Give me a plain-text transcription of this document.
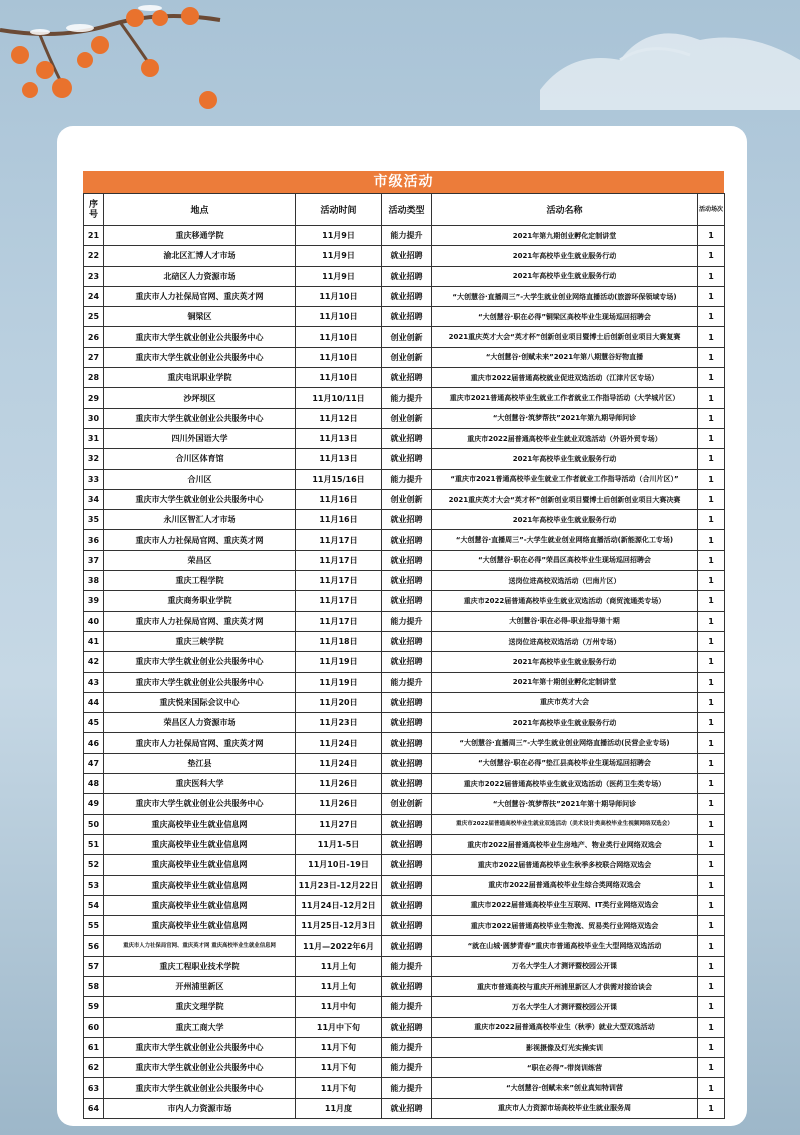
市级活动
序号	地点	活动时间	活动类型	活动名称	活动场次
21	重庆移通学院	11月9日	能力提升	2021年第九期创业孵化定制讲堂	1
22	渝北区汇博人才市场	11月9日	就业招聘	2021年高校毕业生就业服务行动	1
23	北碚区人力资源市场	11月9日	就业招聘	2021年高校毕业生就业服务行动	1
24	重庆市人力社保局官网、重庆英才网	11月10日	就业招聘	“大创慧谷·直播周三”-大学生就业创业网络直播活动(旅游环保领域专场)	1
25	铜梁区	11月10日	就业招聘	“大创慧谷·职在必得”铜梁区高校毕业生现场巡回招聘会	1
26	重庆市大学生就业创业公共服务中心	11月10日	创业创新	2021重庆英才大会“英才杯”创新创业项目暨博士后创新创业项目大赛复赛	1
27	重庆市大学生就业创业公共服务中心	11月10日	创业创新	“大创慧谷·创赋未来”2021年第八期慧谷好物直播	1
28	重庆电讯职业学院	11月10日	就业招聘	重庆市2022届普通高校就业促进双选活动（江津片区专场）	1
29	沙坪坝区	11月10/11日	能力提升	重庆市2021普通高校毕业生就业工作者就业工作指导活动（大学城片区）	1
30	重庆市大学生就业创业公共服务中心	11月12日	创业创新	“大创慧谷·筑梦帮扶”2021年第九期导师问诊	1
31	四川外国语大学	11月13日	就业招聘	重庆市2022届普通高校毕业生就业双选活动（外语外贸专场）	1
32	合川区体育馆	11月13日	就业招聘	2021年高校毕业生就业服务行动	1
33	合川区	11月15/16日	能力提升	“重庆市2021普通高校毕业生就业工作者就业工作指导活动（合川片区）”	1
34	重庆市大学生就业创业公共服务中心	11月16日	创业创新	2021重庆英才大会“英才杯”创新创业项目暨博士后创新创业项目大赛决赛	1
35	永川区智汇人才市场	11月16日	就业招聘	2021年高校毕业生就业服务行动	1
36	重庆市人力社保局官网、重庆英才网	11月17日	就业招聘	“大创慧谷·直播周三”-大学生就业创业网络直播活动(新能源化工专场)	1
37	荣昌区	11月17日	就业招聘	“大创慧谷·职在必得”荣昌区高校毕业生现场巡回招聘会	1
38	重庆工程学院	11月17日	就业招聘	送岗位进高校双选活动（巴南片区）	1
39	重庆商务职业学院	11月17日	就业招聘	重庆市2022届普通高校毕业生就业双选活动（商贸流通类专场）	1
40	重庆市人力社保局官网、重庆英才网	11月17日	能力提升	大创慧谷·职在必得-职业指导第十期	1
41	重庆三峡学院	11月18日	就业招聘	送岗位进高校双选活动（万州专场）	1
42	重庆市大学生就业创业公共服务中心	11月19日	就业招聘	2021年高校毕业生就业服务行动	1
43	重庆市大学生就业创业公共服务中心	11月19日	能力提升	2021年第十期创业孵化定制讲堂	1
44	重庆悦来国际会议中心	11月20日	就业招聘	重庆市英才大会	1
45	荣昌区人力资源市场	11月23日	就业招聘	2021年高校毕业生就业服务行动	1
46	重庆市人力社保局官网、重庆英才网	11月24日	就业招聘	“大创慧谷·直播周三”-大学生就业创业网络直播活动(民营企业专场)	1
47	垫江县	11月24日	就业招聘	“大创慧谷·职在必得”垫江县高校毕业生现场巡回招聘会	1
48	重庆医科大学	11月26日	就业招聘	重庆市2022届普通高校毕业生就业双选活动（医药卫生类专场）	1
49	重庆市大学生就业创业公共服务中心	11月26日	创业创新	“大创慧谷·筑梦帮扶”2021年第十期导师问诊	1
50	重庆高校毕业生就业信息网	11月27日	就业招聘	重庆市2022届普通高校毕业生就业双选活动（美术设计类高校毕业生视频网络双选会）	1
51	重庆高校毕业生就业信息网	11月1-5日	就业招聘	重庆市2022届普通高校毕业生房地产、物业类行业网络双选会	1
52	重庆高校毕业生就业信息网	11月10日-19日	就业招聘	重庆市2022届普通高校毕业生秋季多校联合网络双选会	1
53	重庆高校毕业生就业信息网	11月23日-12月22日	就业招聘	重庆市2022届普通高校毕业生综合类网络双选会	1
54	重庆高校毕业生就业信息网	11月24日-12月2日	就业招聘	重庆市2022届普通高校毕业生互联网、IT类行业网络双选会	1
55	重庆高校毕业生就业信息网	11月25日-12月3日	就业招聘	重庆市2022届普通高校毕业生物流、贸易类行业网络双选会	1
56	重庆市人力社保局官网、重庆英才网 重庆高校毕业生就业信息网	11月—2022年6月	就业招聘	“就在山城·圆梦青春”重庆市普通高校毕业生大型网络双选活动	1
57	重庆工程职业技术学院	11月上旬	能力提升	万名大学生人才测评暨校园公开课	1
58	开州浦里新区	11月上旬	就业招聘	重庆市普通高校与重庆开州浦里新区人才供需对接洽谈会	1
59	重庆文理学院	11月中旬	能力提升	万名大学生人才测评暨校园公开课	1
60	重庆工商大学	11月中下旬	就业招聘	重庆市2022届普通高校毕业生（秋季）就业大型双选活动	1
61	重庆市大学生就业创业公共服务中心	11月下旬	能力提升	影视摄像及灯光实操实训	1
62	重庆市大学生就业创业公共服务中心	11月下旬	能力提升	“职在必得”-带岗训练营	1
63	重庆市大学生就业创业公共服务中心	11月下旬	能力提升	“大创慧谷·创赋未来”创业真知特训营	1
64	市内人力资源市场	11月度	就业招聘	重庆市人力资源市场高校毕业生就业服务周	1
